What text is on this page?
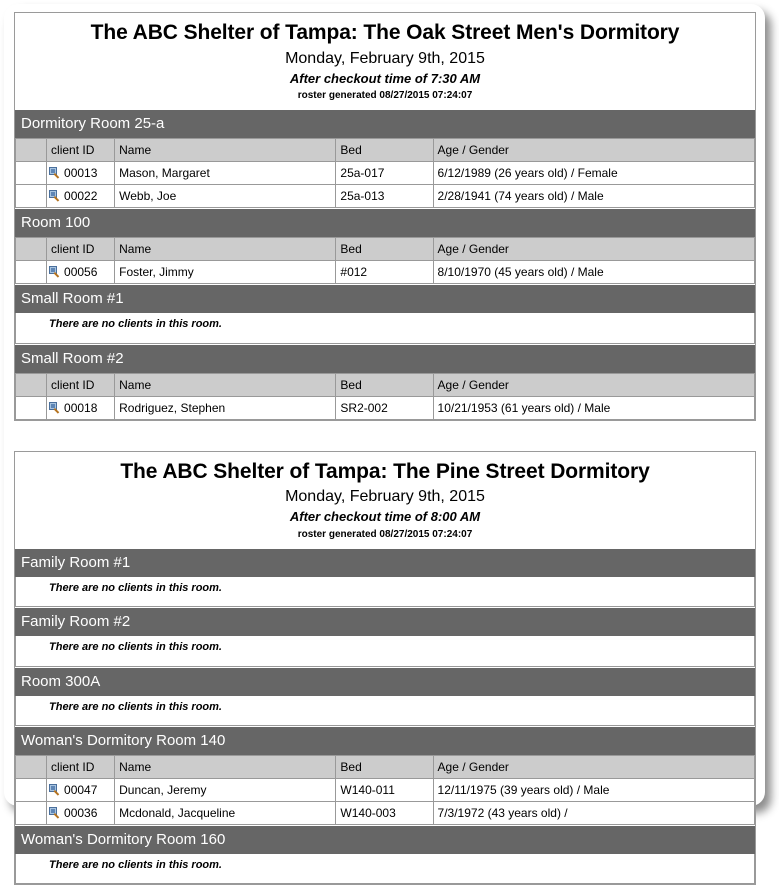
The ABC Shelter of Tampa: The Oak Street Men's Dormitory
Monday, February 9th, 2015
After checkout time of 7:30 AM
roster generated 08/27/2015 07:24:07
Dormitory Room 25-a
	client ID	Name	Bed	Age / Gender

	00013	Mason, Margaret	25a-017	6/12/1989 (26 years old) / Female

	00022	Webb, Joe	25a-013	2/28/1941 (74 years old) / Male
Room 100
	client ID	Name	Bed	Age / Gender

	00056	Foster, Jimmy	#012	8/10/1970 (45 years old) / Male
Small Room #1
There are no clients in this room.
Small Room #2
	client ID	Name	Bed	Age / Gender

	00018	Rodriguez, Stephen	SR2-002	10/21/1953 (61 years old) / Male
The ABC Shelter of Tampa: The Pine Street Dormitory
Monday, February 9th, 2015
After checkout time of 8:00 AM
roster generated 08/27/2015 07:24:07
Family Room #1
There are no clients in this room.
Family Room #2
There are no clients in this room.
Room 300A
There are no clients in this room.
Woman's Dormitory Room 140
	client ID	Name	Bed	Age / Gender

	00047	Duncan, Jeremy	W140-011	12/11/1975 (39 years old) / Male

	00036	Mcdonald, Jacqueline	W140-003	7/3/1972 (43 years old) /
Woman's Dormitory Room 160
There are no clients in this room.
